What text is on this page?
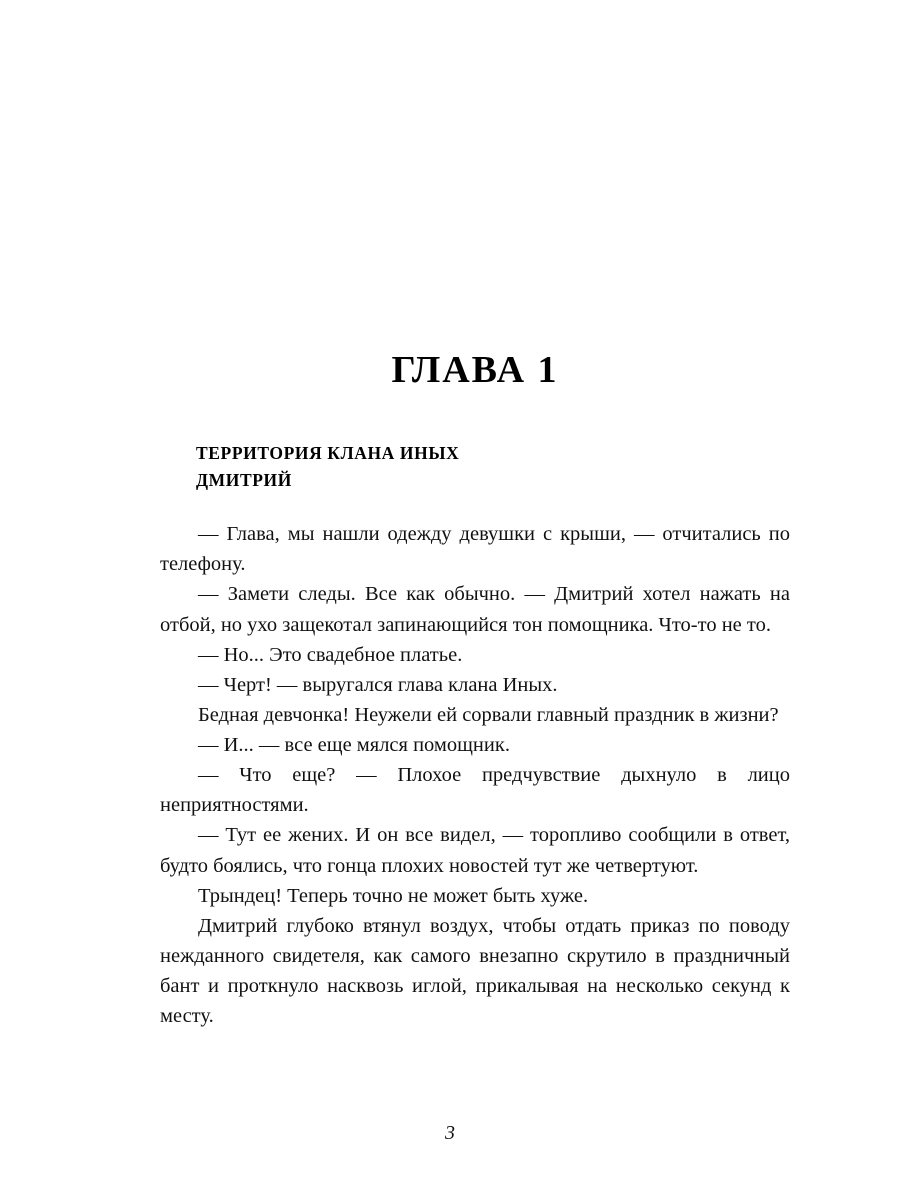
ГЛАВА 1
ТЕРРИТОРИЯ КЛАНА ИНЫХ
ДМИТРИЙ

— Глава, мы нашли одежду девушки с крыши, — отчитались по телефону.

— Замети следы. Все как обычно. — Дмитрий хотел нажать на отбой, но ухо защекотал запинающийся тон помощника. Что-то не то.

— Но... Это свадебное платье.

— Черт! — выругался глава клана Иных.

Бедная девчонка! Неужели ей сорвали главный праздник в жизни?

— И... — все еще мялся помощник.

— Что еще? — Плохое предчувствие дыхнуло в лицо неприятностями.

— Тут ее жених. И он все видел, — торопливо сообщили в ответ, будто боялись, что гонца плохих новостей тут же четвертуют.

Трындец! Теперь точно не может быть хуже.

Дмитрий глубоко втянул воздух, чтобы отдать приказ по поводу нежданного свидетеля, как самого внезапно скрутило в праздничный бант и проткнуло насквозь иглой, прикалывая на несколько секунд к месту.

3
